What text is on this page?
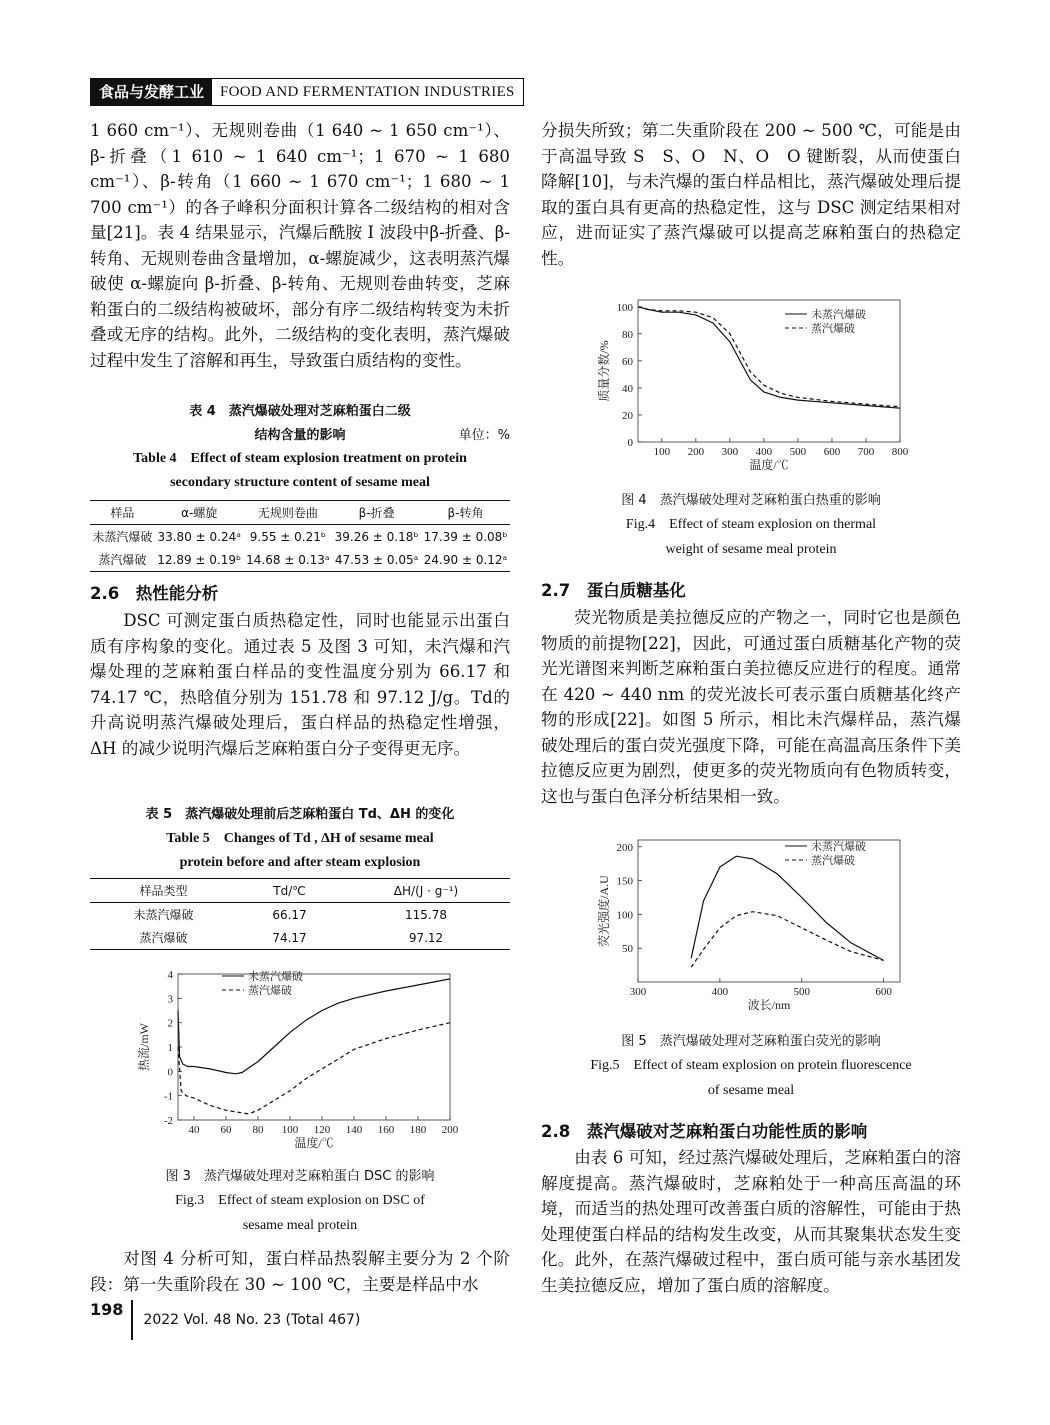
食品与发酵工业	FOOD AND FERMENTATION INDUSTRIES
1 660 cm⁻¹）、无规则卷曲（1 640 ~ 1 650 cm⁻¹）、β-折叠（1 610 ~ 1 640 cm⁻¹；1 670 ~ 1 680 cm⁻¹）、β-转角（1 660 ~ 1 670 cm⁻¹；1 680 ~ 1 700 cm⁻¹）的各子峰积分面积计算各二级结构的相对含量[21]。表 4 结果显示，汽爆后酰胺 I 波段中β-折叠、β-转角、无规则卷曲含量增加，α-螺旋减少，这表明蒸汽爆破使 α-螺旋向 β-折叠、β-转角、无规则卷曲转变，芝麻粕蛋白的二级结构被破坏，部分有序二级结构转变为未折叠或无序的结构。此外，二级结构的变化表明，蒸汽爆破过程中发生了溶解和再生，导致蛋白质结构的变性。
表 4　蒸汽爆破处理对芝麻粕蛋白二级
结构含量的影响	单位：%
Table 4　Effect of steam explosion treatment on protein
secondary structure content of sesame meal
样品	α-螺旋	无规则卷曲	β-折叠	β-转角
未蒸汽爆破	33.80 ± 0.24ᵃ	9.55 ± 0.21ᵇ	39.26 ± 0.18ᵇ	17.39 ± 0.08ᵇ
蒸汽爆破	12.89 ± 0.19ᵇ	14.68 ± 0.13ᵃ	47.53 ± 0.05ᵃ	24.90 ± 0.12ᵃ
2.6　热性能分析
DSC 可测定蛋白质热稳定性，同时也能显示出蛋白质有序构象的变化。通过表 5 及图 3 可知，未汽爆和汽爆处理的芝麻粕蛋白样品的变性温度分别为 66.17 和 74.17 ℃，热晗值分别为 151.78 和 97.12 J/g。Td的升高说明蒸汽爆破处理后，蛋白样品的热稳定性增强，ΔH 的减少说明汽爆后芝麻粕蛋白分子变得更无序。
表 5　蒸汽爆破处理前后芝麻粕蛋白 Td、ΔH 的变化
Table 5　Changes of Td , ΔH of sesame meal
protein before and after steam explosion
样品类型	Td/℃	ΔH/(J · g⁻¹)
未蒸汽爆破	66.17	115.78
蒸汽爆破	74.17	97.12
40 60 80 100 120 140 160 180 200
-2
-1
0
1
2
3
4
温度/℃
热流/mW
未蒸汽爆破
蒸汽爆破
图 3　蒸汽爆破处理对芝麻粕蛋白 DSC 的影响
Fig.3　Effect of steam explosion on DSC of
sesame meal protein
对图 4 分析可知，蛋白样品热裂解主要分为 2 个阶段：第一失重阶段在 30 ~ 100 ℃，主要是样品中水
分损失所致；第二失重阶段在 200 ~ 500 ℃，可能是由于高温导致 S　S、O　N、O　O 键断裂，从而使蛋白降解[10]，与未汽爆的蛋白样品相比，蒸汽爆破处理后提取的蛋白具有更高的热稳定性，这与 DSC 测定结果相对应，进而证实了蒸汽爆破可以提高芝麻粕蛋白的热稳定性。
100 200 300 400 500 600 700 800
0
20
40
60
80
100
温度/℃
质量分数/%
未蒸汽爆破
蒸汽爆破
图 4　蒸汽爆破处理对芝麻粕蛋白热重的影响
Fig.4　Effect of steam explosion on thermal
weight of sesame meal protein
2.7　蛋白质糖基化
荧光物质是美拉德反应的产物之一，同时它也是颜色物质的前提物[22]，因此，可通过蛋白质糖基化产物的荧光光谱图来判断芝麻粕蛋白美拉德反应进行的程度。通常在 420 ~ 440 nm 的荧光波长可表示蛋白质糖基化终产物的形成[22]。如图 5 所示，相比未汽爆样品，蒸汽爆破处理后的蛋白荧光强度下降，可能在高温高压条件下美拉德反应更为剧烈，使更多的荧光物质向有色物质转变，这也与蛋白色泽分析结果相一致。
300	400	500	600
50
100
150
200
波长/nm
荧光强度/A.U
未蒸汽爆破
蒸汽爆破
图 5　蒸汽爆破处理对芝麻粕蛋白荧光的影响
Fig.5　Effect of steam explosion on protein fluorescence
of sesame meal
2.8　蒸汽爆破对芝麻粕蛋白功能性质的影响
由表 6 可知，经过蒸汽爆破处理后，芝麻粕蛋白的溶解度提高。蒸汽爆破时，芝麻粕处于一种高压高温的环境，而适当的热处理可改善蛋白质的溶解性，可能由于热处理使蛋白样品的结构发生改变，从而其聚集状态发生变化。此外，在蒸汽爆破过程中，蛋白质可能与亲水基团发生美拉德反应，增加了蛋白质的溶解度。
198
2022 Vol. 48 No. 23 (Total 467)
